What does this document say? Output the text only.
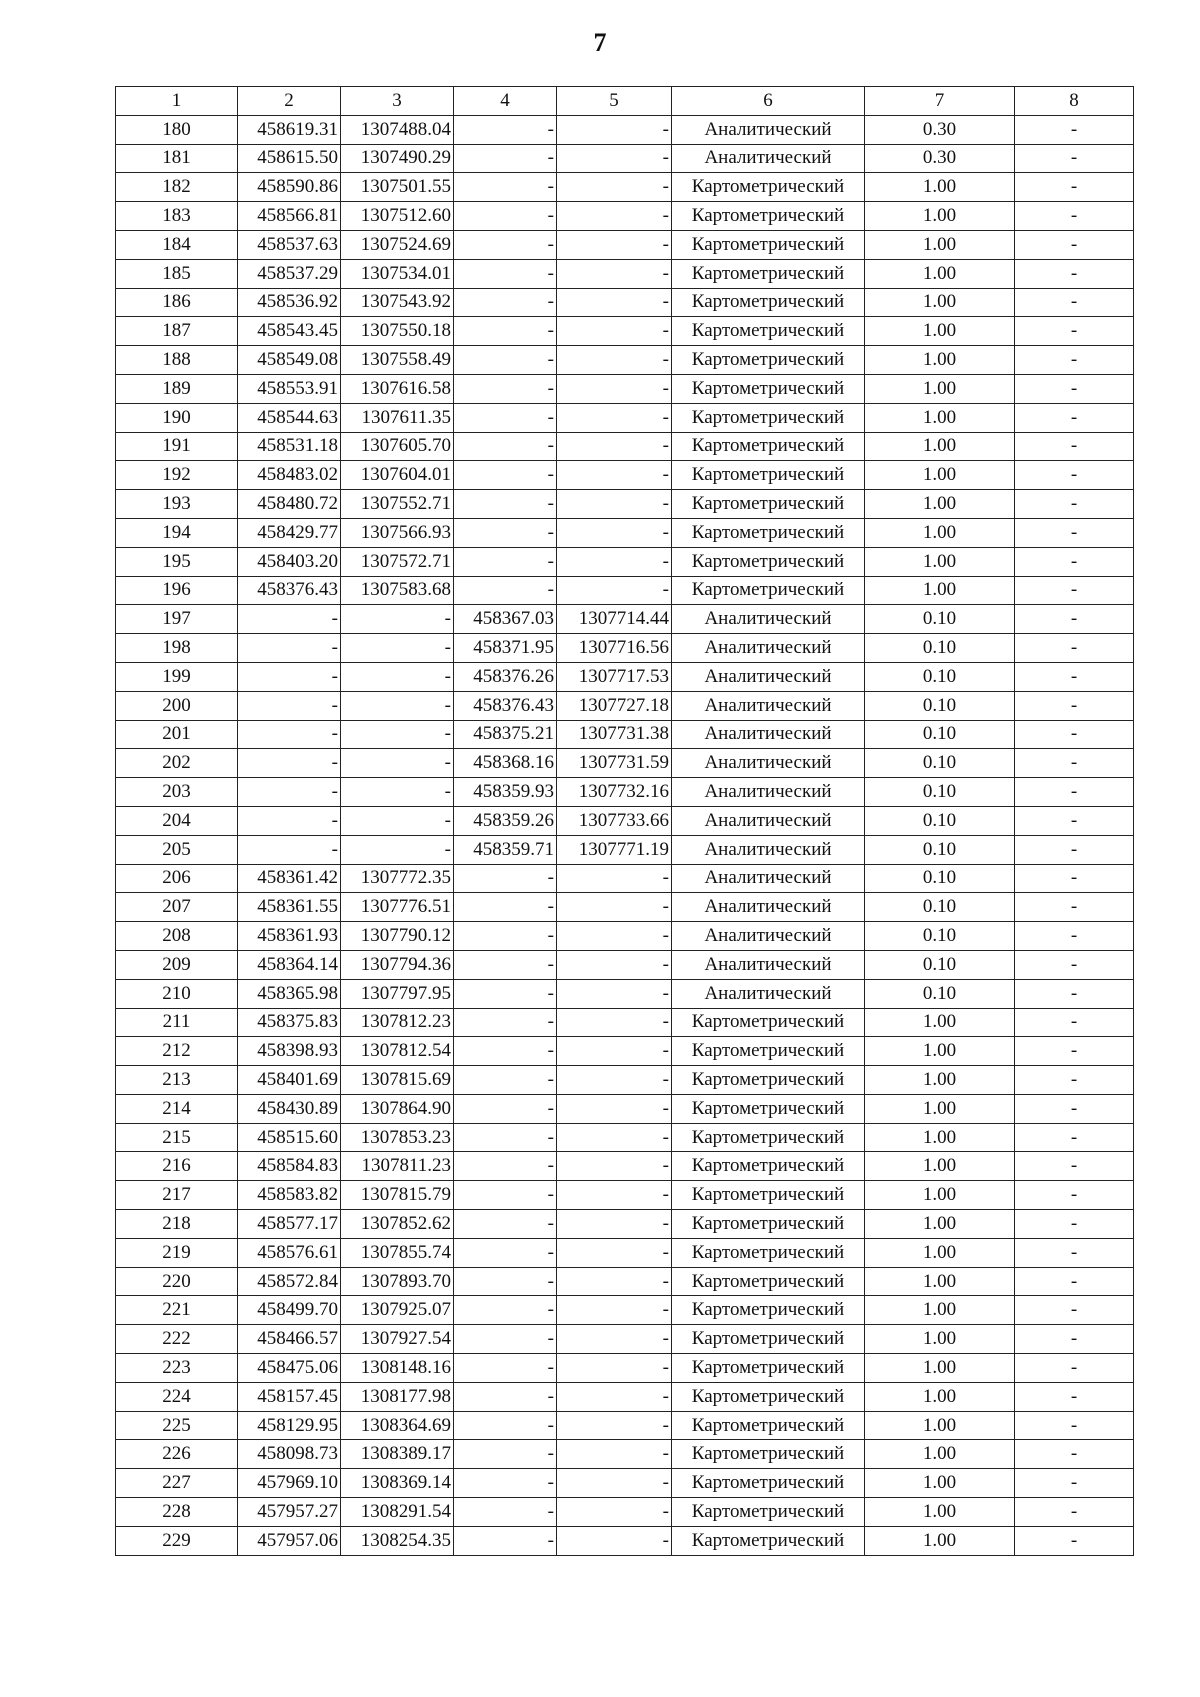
7
1	2	3	4	5	6	7	8
180	458619.31	1307488.04	-	-	Аналитический	0.30	-
181	458615.50	1307490.29	-	-	Аналитический	0.30	-
182	458590.86	1307501.55	-	-	Картометрический	1.00	-
183	458566.81	1307512.60	-	-	Картометрический	1.00	-
184	458537.63	1307524.69	-	-	Картометрический	1.00	-
185	458537.29	1307534.01	-	-	Картометрический	1.00	-
186	458536.92	1307543.92	-	-	Картометрический	1.00	-
187	458543.45	1307550.18	-	-	Картометрический	1.00	-
188	458549.08	1307558.49	-	-	Картометрический	1.00	-
189	458553.91	1307616.58	-	-	Картометрический	1.00	-
190	458544.63	1307611.35	-	-	Картометрический	1.00	-
191	458531.18	1307605.70	-	-	Картометрический	1.00	-
192	458483.02	1307604.01	-	-	Картометрический	1.00	-
193	458480.72	1307552.71	-	-	Картометрический	1.00	-
194	458429.77	1307566.93	-	-	Картометрический	1.00	-
195	458403.20	1307572.71	-	-	Картометрический	1.00	-
196	458376.43	1307583.68	-	-	Картометрический	1.00	-
197	-	-	458367.03	1307714.44	Аналитический	0.10	-
198	-	-	458371.95	1307716.56	Аналитический	0.10	-
199	-	-	458376.26	1307717.53	Аналитический	0.10	-
200	-	-	458376.43	1307727.18	Аналитический	0.10	-
201	-	-	458375.21	1307731.38	Аналитический	0.10	-
202	-	-	458368.16	1307731.59	Аналитический	0.10	-
203	-	-	458359.93	1307732.16	Аналитический	0.10	-
204	-	-	458359.26	1307733.66	Аналитический	0.10	-
205	-	-	458359.71	1307771.19	Аналитический	0.10	-
206	458361.42	1307772.35	-	-	Аналитический	0.10	-
207	458361.55	1307776.51	-	-	Аналитический	0.10	-
208	458361.93	1307790.12	-	-	Аналитический	0.10	-
209	458364.14	1307794.36	-	-	Аналитический	0.10	-
210	458365.98	1307797.95	-	-	Аналитический	0.10	-
211	458375.83	1307812.23	-	-	Картометрический	1.00	-
212	458398.93	1307812.54	-	-	Картометрический	1.00	-
213	458401.69	1307815.69	-	-	Картометрический	1.00	-
214	458430.89	1307864.90	-	-	Картометрический	1.00	-
215	458515.60	1307853.23	-	-	Картометрический	1.00	-
216	458584.83	1307811.23	-	-	Картометрический	1.00	-
217	458583.82	1307815.79	-	-	Картометрический	1.00	-
218	458577.17	1307852.62	-	-	Картометрический	1.00	-
219	458576.61	1307855.74	-	-	Картометрический	1.00	-
220	458572.84	1307893.70	-	-	Картометрический	1.00	-
221	458499.70	1307925.07	-	-	Картометрический	1.00	-
222	458466.57	1307927.54	-	-	Картометрический	1.00	-
223	458475.06	1308148.16	-	-	Картометрический	1.00	-
224	458157.45	1308177.98	-	-	Картометрический	1.00	-
225	458129.95	1308364.69	-	-	Картометрический	1.00	-
226	458098.73	1308389.17	-	-	Картометрический	1.00	-
227	457969.10	1308369.14	-	-	Картометрический	1.00	-
228	457957.27	1308291.54	-	-	Картометрический	1.00	-
229	457957.06	1308254.35	-	-	Картометрический	1.00	-
